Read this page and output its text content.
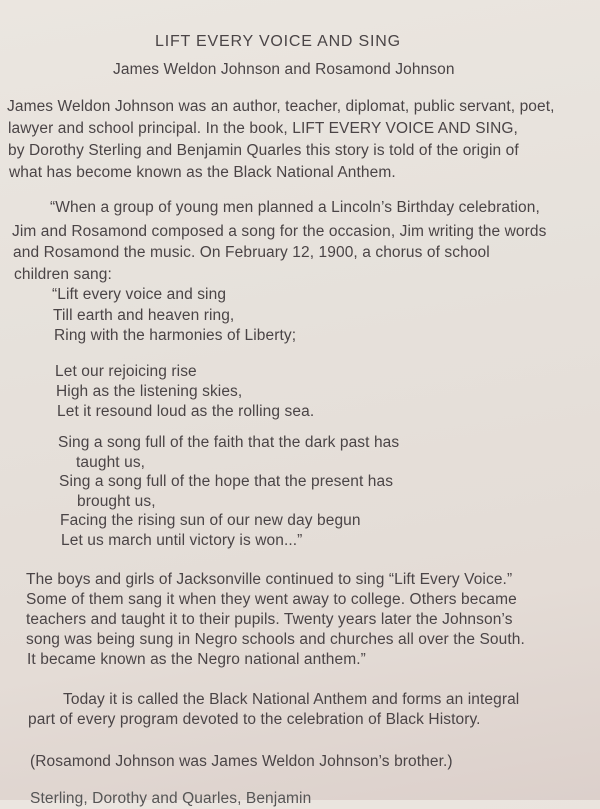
LIFT EVERY VOICE AND SING
James Weldon Johnson and Rosamond Johnson
James Weldon Johnson was an author, teacher, diplomat, public servant, poet,
lawyer and school principal. In the book, LIFT EVERY VOICE AND SING,
by Dorothy Sterling and Benjamin Quarles this story is told of the origin of
what has become known as the Black National Anthem.
“When a group of young men planned a Lincoln’s Birthday celebration,
Jim and Rosamond composed a song for the occasion, Jim writing the words
and Rosamond the music. On February 12, 1900, a chorus of school
children sang:
“Lift every voice and sing
Till earth and heaven ring,
Ring with the harmonies of Liberty;
Let our rejoicing rise
High as the listening skies,
Let it resound loud as the rolling sea.
Sing a song full of the faith that the dark past has
taught us,
Sing a song full of the hope that the present has
brought us,
Facing the rising sun of our new day begun
Let us march until victory is won...”
The boys and girls of Jacksonville continued to sing “Lift Every Voice.”
Some of them sang it when they went away to college. Others became
teachers and taught it to their pupils. Twenty years later the Johnson’s
song was being sung in Negro schools and churches all over the South.
It became known as the Negro national anthem.”
Today it is called the Black National Anthem and forms an integral
part of every program devoted to the celebration of Black History.
(Rosamond Johnson was James Weldon Johnson’s brother.)
Sterling, Dorothy and Quarles, Benjamin
